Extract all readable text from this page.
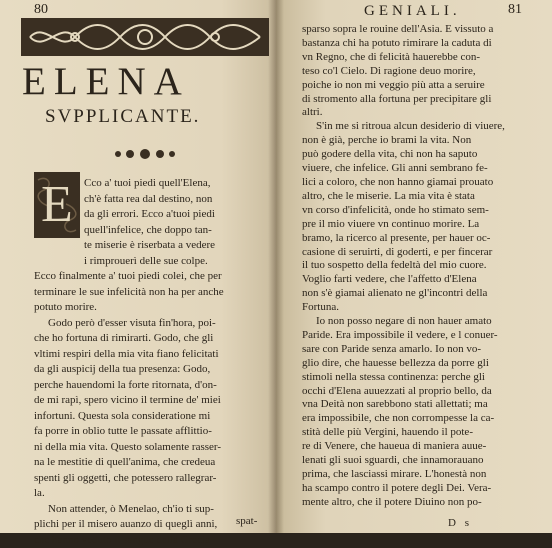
80
ELENA
SVPPLICANTE.
E Cco a' tuoi piedi quell'Elena,
ch'è fatta rea dal destino, non
da gli errori. Ecco a'tuoi piedi
quell'infelice, che doppo tan-
te miserie è riserbata a vedere
i rimprouerì delle sue colpe.
Ecco finalmente a' tuoi piedi colei, che per
terminare le sue infelicità non ha per anche
potuto morire.
Godo però d'esser visuta fin'hora, poi-
che ho fortuna di rimirarti. Godo, che gli
vltimi respiri della mia vita fiano felicitati
da gli auspicij della tua presenza: Godo,
perche hauendomi la forte ritornata, d'on-
de mi rapì, spero vicino il termine de' miei
infortuni. Questa sola consideratione mi
fa porre in oblio tutte le passate afflittio-
ni della mia vita. Questo solamente rasser-
na le mestitie di quell'anima, che credeua
spenti gli oggetti, che potessero rallegrar-
la.
Non attender, ò Menelao, ch'io ti sup-
plichi per il misero auanzo di queglì anni,
che hanno veduto il sangue della Grecia
spat-
GENIALI.	81
sparso sopra le rouine dell'Asia. E vissuto a
bastanza chi ha potuto rimirare la caduta di
vn Regno, che di felicità hauerebbe con-
teso co'l Cielo. Di ragione deuo morire,
poiche io non mi veggio più atta a seruire
di stromento alla fortuna per precipitare gli
altri.
S'in me si ritroua alcun desiderio di viuere,
non è già, perche io brami la vita. Non
può godere della vita, chi non ha saputo
viuere, che infelice. Gli anni sembrano fe-
lici a coloro, che non hanno giamai prouato
altro, che le miserie. La mia vita è stata
vn corso d'infelicità, onde ho stimato sem-
pre il mio viuere vn continuo morire. La
bramo, la ricerco al presente, per hauer oc-
casione di seruirti, di goderti, e per fincerar
il tuo sospetto della fedeltà del mio cuore.
Voglio farti vedere, che l'affetto d'Elena
non s'è giamai alienato ne gl'incontri della
Fortuna.
Io non posso negare di non hauer amato
Paride. Era impossibile il vedere, e l conuer-
sare con Paride senza amarlo. Io non vo-
glio dire, che hauesse bellezza da porre gli
stimoli nella stessa continenza: perche gli
occhi d'Elena auuezzati al proprio bello, da
vna Deità non sarebbono stati allettati; ma
era impossibile, che non corrompesse la ca-
stità delle più Vergini, hauendo il pote-
re di Venere, che haueua di maniera auue-
lenati gli suoi sguardi, che innamorauano
prima, che lasciassi mirare. L'honestà non
ha scampo contro il potere degli Dei. Vera-
mente altro, che il potere Diuino non po-
D s
